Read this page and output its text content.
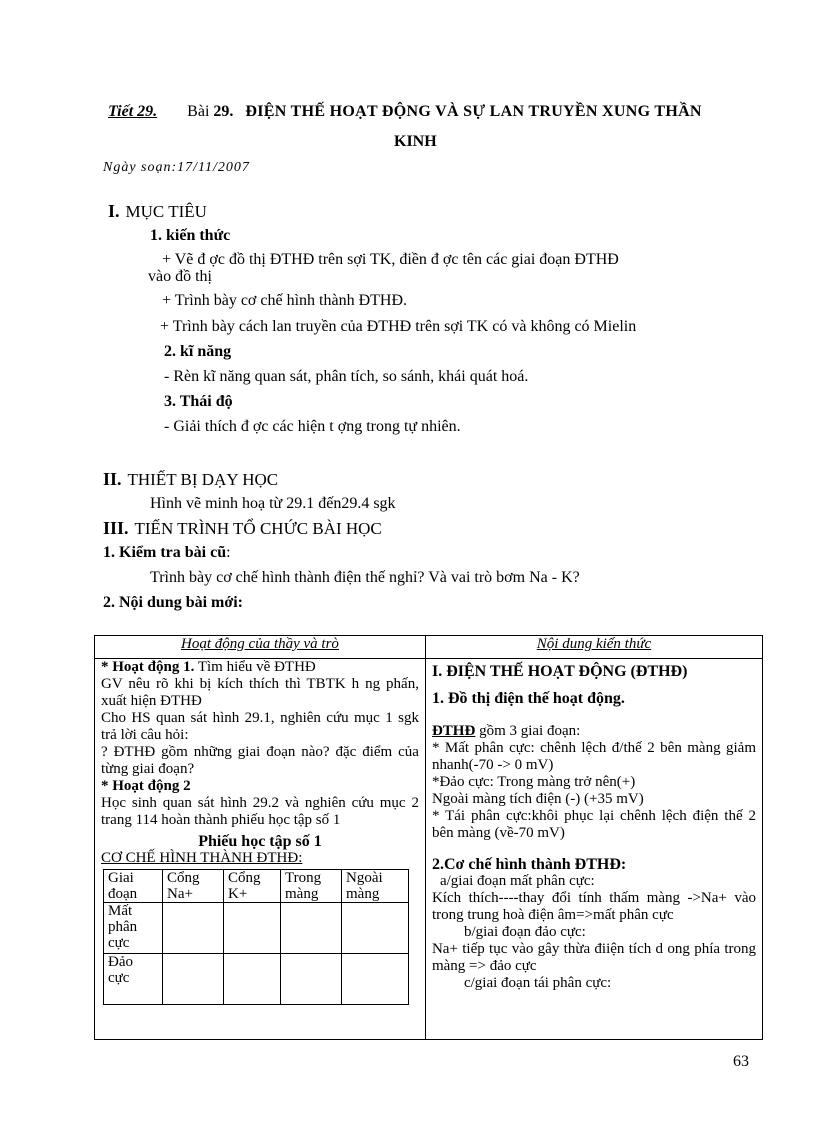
Tiết 29. Bài 29. ĐIỆN THẾ HOẠT ĐỘNG VÀ SỰ LAN TRUYỀN XUNG THẦN
KINH
Ngày soạn:17/11/2007
I. MỤC TIÊU
1. kiến thức
+ Vẽ đ ợc đồ thị ĐTHĐ trên sợi TK, điền đ ợc tên các giai đoạn ĐTHĐ
vào đồ thị
+ Trình bày cơ chế hình thành ĐTHĐ.
+ Trình bày cách lan truyền của ĐTHĐ trên sợi TK có và không có Mielin
2. kĩ năng
- Rèn kĩ năng quan sát, phân tích, so sánh, khái quát hoá.
3. Thái độ
- Giải thích đ ợc các hiện t ợng trong tự nhiên.
II. THIẾT BỊ DẠY HỌC
Hình vẽ minh hoạ từ 29.1 đến29.4 sgk
III. TIẾN TRÌNH TỔ CHỨC BÀI HỌC
1. Kiểm tra bài cũ:
Trình bày cơ chế hình thành điện thế nghỉ? Và vai trò bơm Na - K?
2. Nội dung bài mới:
Hoạt động của thầy và trò	Nội dung kiến thức

* Hoạt động 1. Tìm hiểu về ĐTHĐ

GV nêu rõ khi bị kích thích thì TBTK h ng phấn, xuất hiện ĐTHĐ

Cho HS quan sát hình 29.1, nghiên cứu mục 1 sgk trả lời câu hỏi:

? ĐTHĐ gồm những giai đoạn nào? đặc điểm của từng giai đoạn?

* Hoạt động 2

Học sinh quan sát hình 29.2 và nghiên cứu mục 2 trang 114 hoàn thành phiếu học tập số 1

Phiếu học tập số 1

CƠ CHẾ HÌNH THÀNH ĐTHĐ:

Giai đoạn	Cổng Na+	Cổng K+	Trong màng	Ngoài màng
Mất phân cực				
Đảo cực				

I. ĐIỆN THẾ HOẠT ĐỘNG (ĐTHĐ)

1. Đồ thị điện thế hoạt động.

ĐTHĐ gồm 3 giai đoạn:

* Mất phân cực: chênh lệch đ/thế 2 bên màng giảm nhanh(-70 -> 0 mV)

*Đảo cực: Trong màng trở nên(+)

Ngoài màng tích điện (-) (+35 mV)

* Tái phân cực:khôi phục lại chênh lệch điện thế 2 bên màng (về-70 mV)

2.Cơ chế hình thành ĐTHĐ:

a/giai đoạn mất phân cực:

Kích thích----thay đổi tính thấm màng ->Na+ vào trong trung hoà điện âm=>mất phân cực

b/giai đoạn đảo cực:

Na+ tiếp tục vào gây thừa điiện tích d ong phía trong màng => đảo cực

c/giai đoạn tái phân cực:

63
